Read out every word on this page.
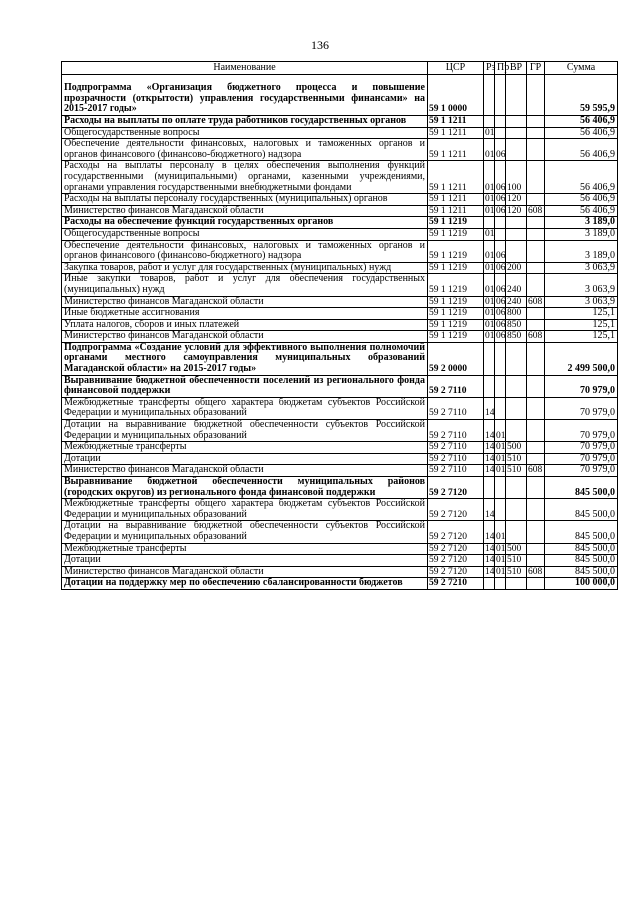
136
Наименование	ЦСР	Рз	Пр	ВР	ГР	Сумма
Подпрограмма «Организация бюджетного процесса и повышение прозрачности (открытости) управления государственными финансами» на 2015-2017 годы»	59 1 0000					59 595,9
Расходы на выплаты по оплате труда работников государственных органов	59 1 1211					56 406,9
Общегосударственные вопросы	59 1 1211	01				56 406,9
Обеспечение деятельности финансовых, налоговых и таможенных органов и органов финансового (финансово-бюджетного) надзора	59 1 1211	01	06			56 406,9
Расходы на выплаты персоналу в целях обеспечения выполнения функций государственными (муниципальными) органами, казенными учреждениями, органами управления государственными внебюджетными фондами	59 1 1211	01	06	100		56 406,9
Расходы на выплаты персоналу государственных (муниципальных) органов	59 1 1211	01	06	120		56 406,9
Министерство финансов Магаданской области	59 1 1211	01	06	120	608	56 406,9
Расходы на обеспечение функций государственных органов	59 1 1219					3 189,0
Общегосударственные вопросы	59 1 1219	01				3 189,0
Обеспечение деятельности финансовых, налоговых и таможенных органов и органов финансового (финансово-бюджетного) надзора	59 1 1219	01	06			3 189,0
Закупка товаров, работ и услуг для государственных (муниципальных) нужд	59 1 1219	01	06	200		3 063,9
Иные закупки товаров, работ и услуг для обеспечения государственных (муниципальных) нужд	59 1 1219	01	06	240		3 063,9
Министерство финансов Магаданской области	59 1 1219	01	06	240	608	3 063,9
Иные бюджетные ассигнования	59 1 1219	01	06	800		125,1
Уплата налогов, сборов и иных платежей	59 1 1219	01	06	850		125,1
Министерство финансов Магаданской области	59 1 1219	01	06	850	608	125,1
Подпрограмма «Создание условий для эффективного выполнения полномочий органами местного самоуправления муниципальных образований Магаданской области» на 2015-2017 годы»	59 2 0000					2 499 500,0
Выравнивание бюджетной обеспеченности поселений из регионального фонда финансовой поддержки	59 2 7110					70 979,0
Межбюджетные трансферты общего характера бюджетам субъектов Российской Федерации и муниципальных образований	59 2 7110	14				70 979,0
Дотации на выравнивание бюджетной обеспеченности субъектов Российской Федерации и муниципальных образований	59 2 7110	14	01			70 979,0
Межбюджетные трансферты	59 2 7110	14	01	500		70 979,0
Дотации	59 2 7110	14	01	510		70 979,0
Министерство финансов Магаданской области	59 2 7110	14	01	510	608	70 979,0
Выравнивание бюджетной обеспеченности муниципальных районов (городских округов) из регионального фонда финансовой поддержки	59 2 7120					845 500,0
Межбюджетные трансферты общего характера бюджетам субъектов Российской Федерации и муниципальных образований	59 2 7120	14				845 500,0
Дотации на выравнивание бюджетной обеспеченности субъектов Российской Федерации и муниципальных образований	59 2 7120	14	01			845 500,0
Межбюджетные трансферты	59 2 7120	14	01	500		845 500,0
Дотации	59 2 7120	14	01	510		845 500,0
Министерство финансов Магаданской области	59 2 7120	14	01	510	608	845 500,0
Дотации на поддержку мер по обеспечению сбалансированности бюджетов	59 2 7210					100 000,0
